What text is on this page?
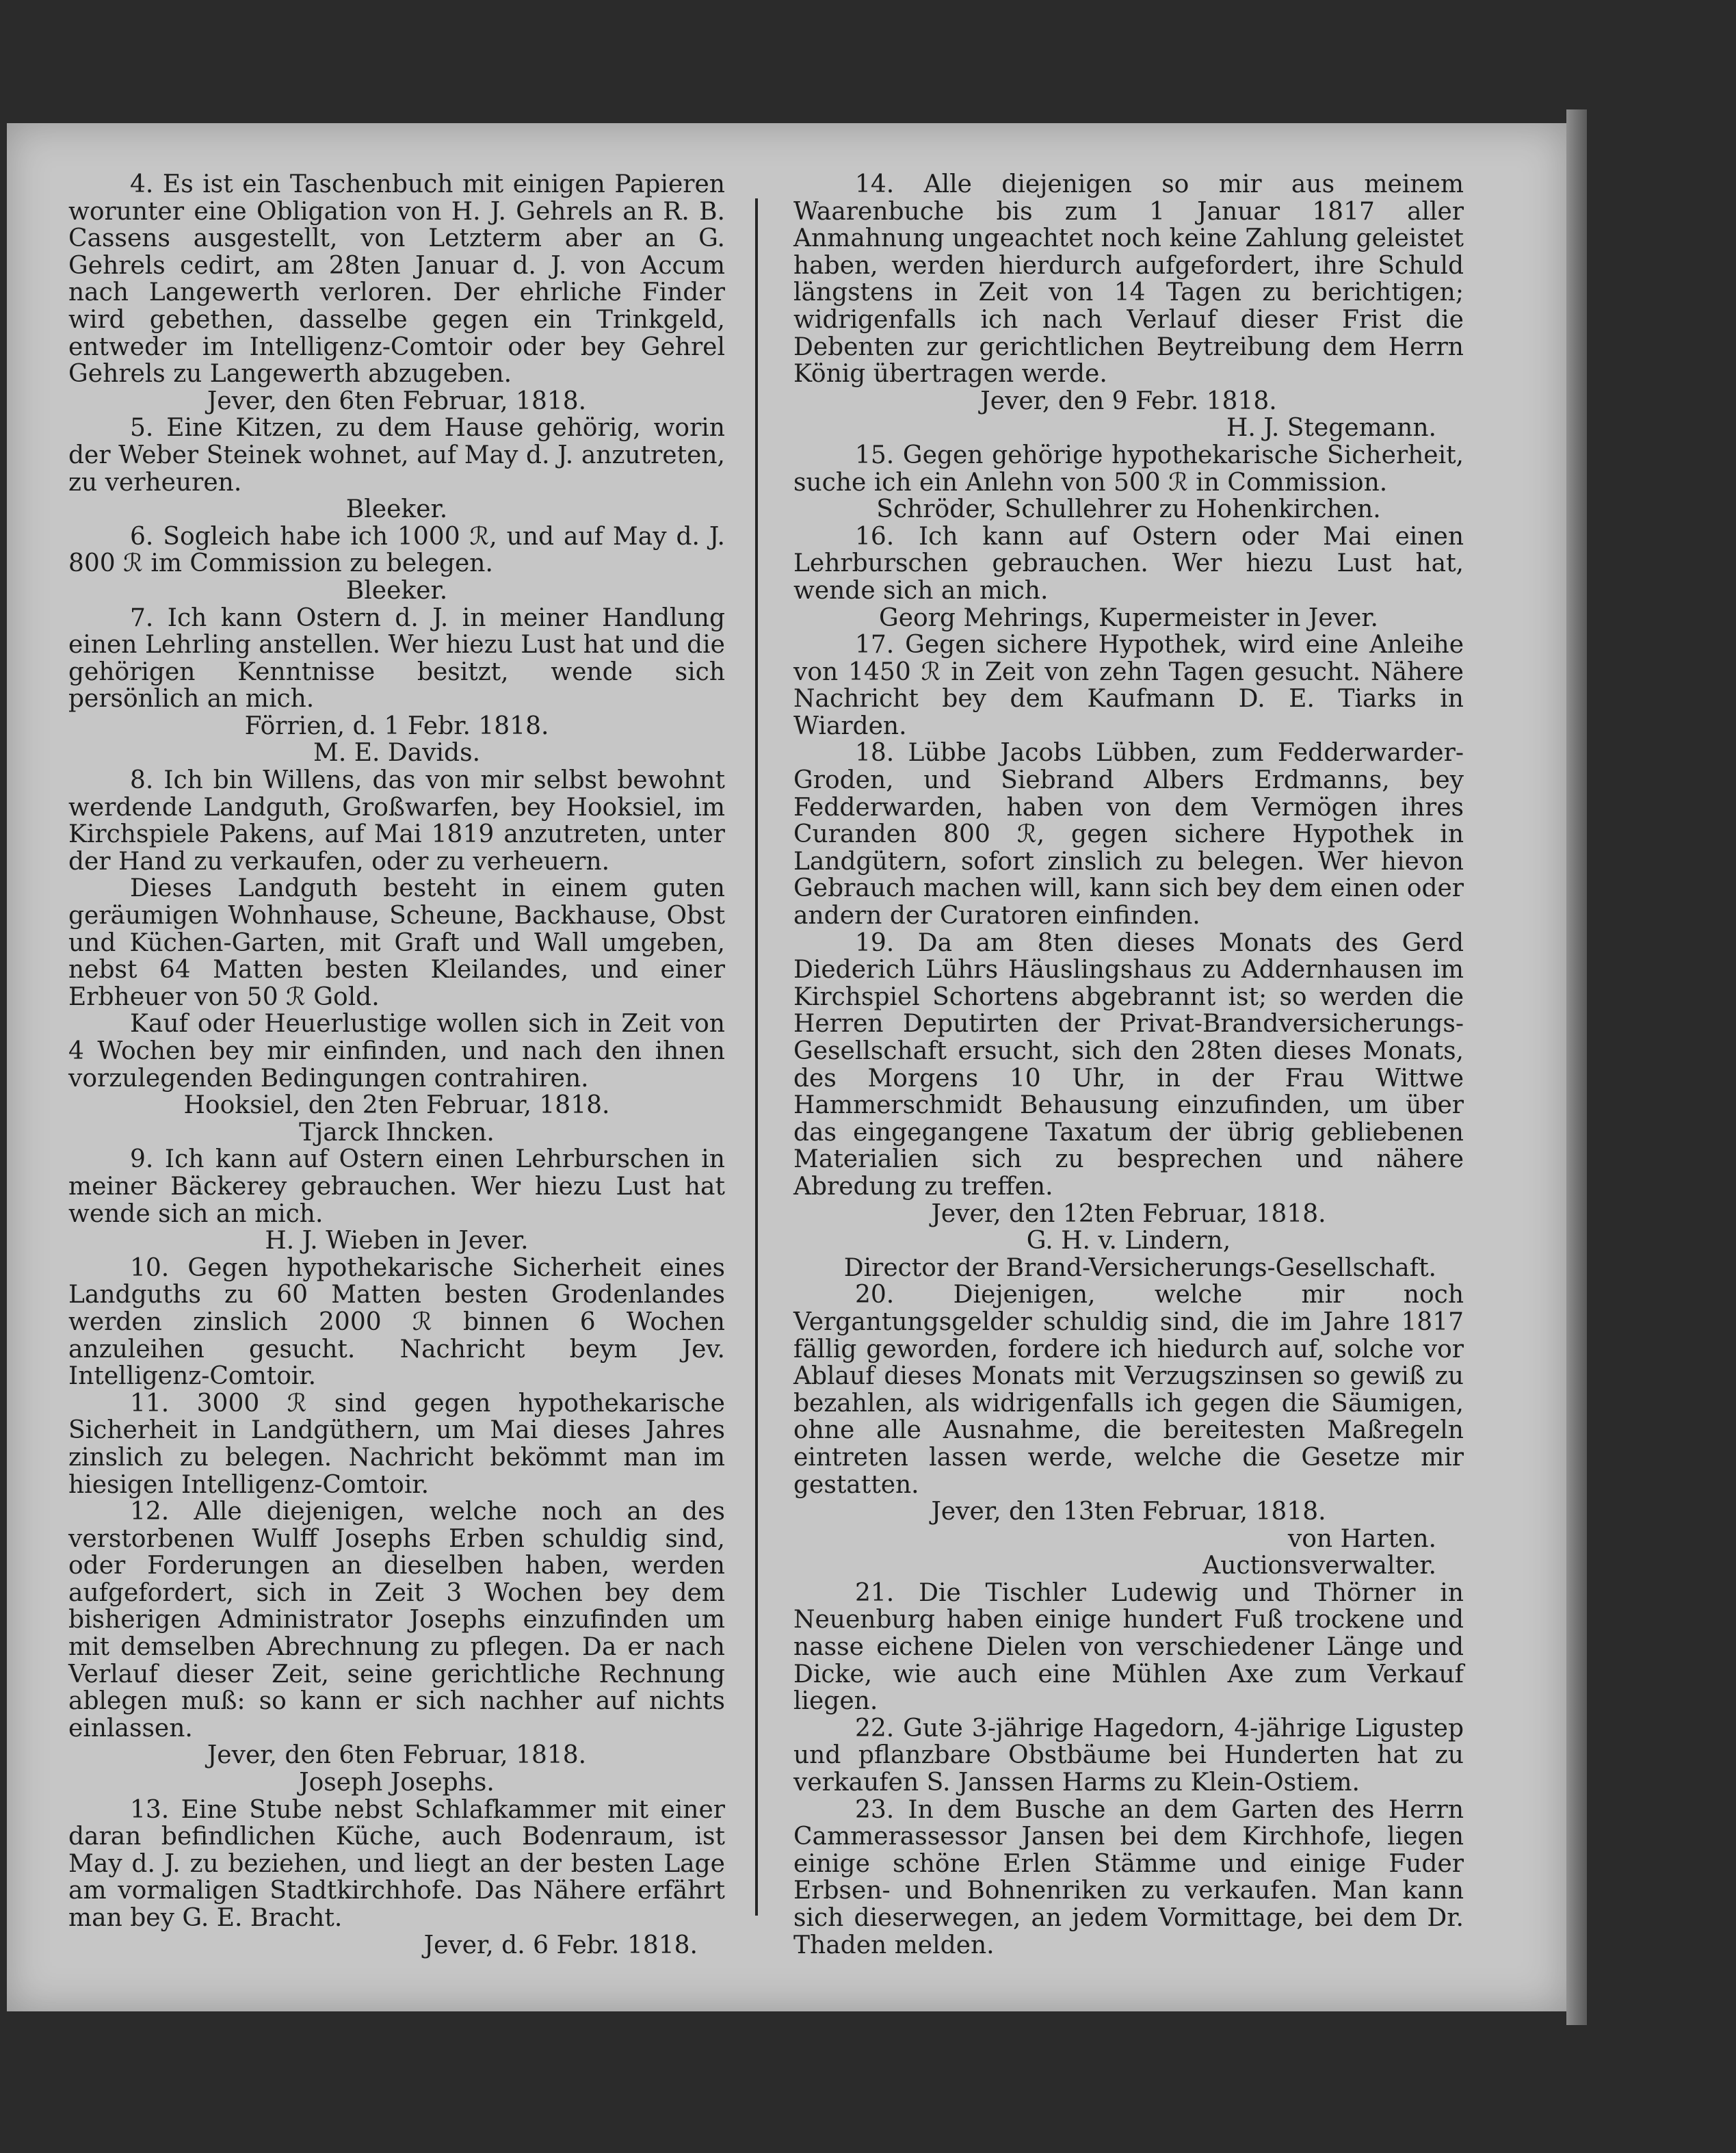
4. Es ist ein Taschenbuch mit einigen Papieren worunter eine Obligation von H. J. Gehrels an R. B. Cassens ausgestellt, von Letzterm aber an G. Gehrels cedirt, am 28ten Januar d. J. von Accum nach Langewerth verloren. Der ehrliche Finder wird gebethen, dasselbe gegen ein Trinkgeld, entweder im Intelligenz-Comtoir oder bey Gehrel Gehrels zu Langewerth abzugeben.

Jever, den 6ten Februar, 1818.

5. Eine Kitzen, zu dem Hause gehörig, worin der Weber Steinek wohnet, auf May d. J. anzutreten, zu verheuren.

Bleeker.

6. Sogleich habe ich 1000 ℛ, und auf May d. J. 800 ℛ im Commission zu belegen.

Bleeker.

7. Ich kann Ostern d. J. in meiner Handlung einen Lehrling anstellen. Wer hiezu Lust hat und die gehörigen Kenntnisse besitzt, wende sich persönlich an mich.

Förrien, d. 1 Febr. 1818.

M. E. Davids.

8. Ich bin Willens, das von mir selbst bewohnt werdende Landguth, Großwarfen, bey Hooksiel, im Kirchspiele Pakens, auf Mai 1819 anzutreten, unter der Hand zu verkaufen, oder zu verheuern.

Dieses Landguth besteht in einem guten geräumigen Wohnhause, Scheune, Backhause, Obst und Küchen-Garten, mit Graft und Wall umgeben, nebst 64 Matten besten Kleilandes, und einer Erbheuer von 50 ℛ Gold.

Kauf oder Heuerlustige wollen sich in Zeit von 4 Wochen bey mir einfinden, und nach den ihnen vorzulegenden Bedingungen contrahiren.

Hooksiel, den 2ten Februar, 1818.

Tjarck Ihncken.

9. Ich kann auf Ostern einen Lehrburschen in meiner Bäckerey gebrauchen. Wer hiezu Lust hat wende sich an mich.

H. J. Wieben in Jever.

10. Gegen hypothekarische Sicherheit eines Landguths zu 60 Matten besten Grodenlandes werden zinslich 2000 ℛ binnen 6 Wochen anzuleihen gesucht. Nachricht beym Jev. Intelligenz-Comtoir.

11. 3000 ℛ sind gegen hypothekarische Sicherheit in Landgüthern, um Mai dieses Jahres zinslich zu belegen. Nachricht bekömmt man im hiesigen Intelligenz-Comtoir.

12. Alle diejenigen, welche noch an des verstorbenen Wulff Josephs Erben schuldig sind, oder Forderungen an dieselben haben, werden aufgefordert, sich in Zeit 3 Wochen bey dem bisherigen Administrator Josephs einzufinden um mit demselben Abrechnung zu pflegen. Da er nach Verlauf dieser Zeit, seine gerichtliche Rechnung ablegen muß: so kann er sich nachher auf nichts einlassen.

Jever, den 6ten Februar, 1818.

Joseph Josephs.

13. Eine Stube nebst Schlafkammer mit einer daran befindlichen Küche, auch Bodenraum, ist May d. J. zu beziehen, und liegt an der besten Lage am vormaligen Stadtkirchhofe. Das Nähere erfährt man bey G. E. Bracht.

Jever, d. 6 Febr. 1818.

14. Alle diejenigen so mir aus meinem Waarenbuche bis zum 1 Januar 1817 aller Anmahnung ungeachtet noch keine Zahlung geleistet haben, werden hierdurch aufgefordert, ihre Schuld längstens in Zeit von 14 Tagen zu berichtigen; widrigenfalls ich nach Verlauf dieser Frist die Debenten zur gerichtlichen Beytreibung dem Herrn König übertragen werde.

Jever, den 9 Febr. 1818.

H. J. Stegemann.

15. Gegen gehörige hypothekarische Sicherheit, suche ich ein Anlehn von 500 ℛ in Commission.

Schröder, Schullehrer zu Hohenkirchen.

16. Ich kann auf Ostern oder Mai einen Lehrburschen gebrauchen. Wer hiezu Lust hat, wende sich an mich.

Georg Mehrings, Kupermeister in Jever.

17. Gegen sichere Hypothek, wird eine Anleihe von 1450 ℛ in Zeit von zehn Tagen gesucht. Nähere Nachricht bey dem Kaufmann D. E. Tiarks in Wiarden.

18. Lübbe Jacobs Lübben, zum Fedderwarder-Groden, und Siebrand Albers Erdmanns, bey Fedderwarden, haben von dem Vermögen ihres Curanden 800 ℛ, gegen sichere Hypothek in Landgütern, sofort zinslich zu belegen. Wer hievon Gebrauch machen will, kann sich bey dem einen oder andern der Curatoren einfinden.

19. Da am 8ten dieses Monats des Gerd Diederich Lührs Häuslingshaus zu Addernhausen im Kirchspiel Schortens abgebrannt ist; so werden die Herren Deputirten der Privat-Brandversicherungs-Gesellschaft ersucht, sich den 28ten dieses Monats, des Morgens 10 Uhr, in der Frau Wittwe Hammerschmidt Behausung einzufinden, um über das eingegangene Taxatum der übrig gebliebenen Materialien sich zu besprechen und nähere Abredung zu treffen.

Jever, den 12ten Februar, 1818.

G. H. v. Lindern,

Director der Brand-Versicherungs-Gesellschaft.

20. Diejenigen, welche mir noch Vergantungsgelder schuldig sind, die im Jahre 1817 fällig geworden, fordere ich hiedurch auf, solche vor Ablauf dieses Monats mit Verzugszinsen so gewiß zu bezahlen, als widrigenfalls ich gegen die Säumigen, ohne alle Ausnahme, die bereitesten Maßregeln eintreten lassen werde, welche die Gesetze mir gestatten.

Jever, den 13ten Februar, 1818.

von Harten.

Auctionsverwalter.

21. Die Tischler Ludewig und Thörner in Neuenburg haben einige hundert Fuß trockene und nasse eichene Dielen von verschiedener Länge und Dicke, wie auch eine Mühlen Axe zum Verkauf liegen.

22. Gute 3-jährige Hagedorn, 4-jährige Ligustер und pflanzbare Obstbäume bei Hunderten hat zu verkaufen S. Janssen Harms zu Klein-Ostiem.

23. In dem Busche an dem Garten des Herrn Cammerassessor Jansen bei dem Kirchhofe, liegen einige schöne Erlen Stämme und einige Fuder Erbsen- und Bohnenriken zu verkaufen. Man kann sich dieserwegen, an jedem Vormittage, bei dem Dr. Thaden melden.
